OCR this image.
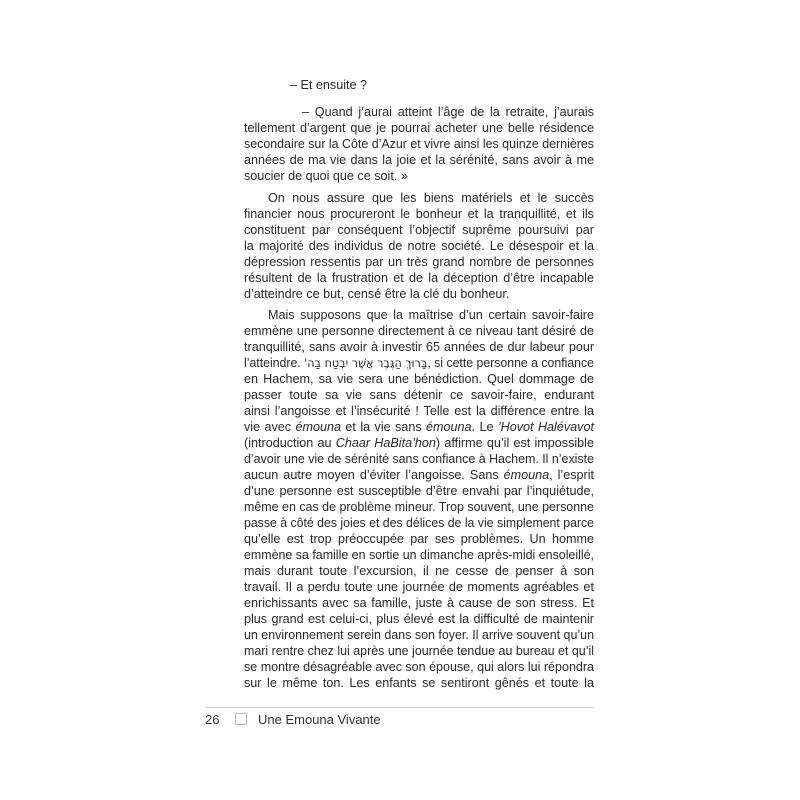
– Et ensuite ?
– Quand j’aurai atteint l’âge de la retraite, j’aurais
tellement d’argent que je pourrai acheter une belle résidence
secondaire sur la Côte d’Azur et vivre ainsi les quinze dernières
années de ma vie dans la joie et la sérénité, sans avoir à me
soucier de quoi que ce soit. »
On nous assure que les biens matériels et le succès
financier nous procureront le bonheur et la tranquillité, et ils
constituent par conséquent l’objectif suprême poursuivi par
la majorité des individus de notre société. Le désespoir et la
dépression ressentis par un très grand nombre de personnes
résultent de la frustration et de la déception d’être incapable
d’atteindre ce but, censé être la clé du bonheur.
Mais supposons que la maîtrise d’un certain savoir-faire
emmène une personne directement à ce niveau tant désiré de
tranquillité, sans avoir à investir 65 années de dur labeur pour
l’atteindre. בָּרוּךְ הַגֶּבֶר אֲשֶׁר יִבְטַח בַּה', si cette personne a confiance
en Hachem, sa vie sera une bénédiction. Quel dommage de
passer toute sa vie sans détenir ce savoir-faire, endurant
ainsi l’angoisse et l’insécurité ! Telle est la différence entre la
vie avec émouna et la vie sans émouna. Le ’Hovot Halévavot
(introduction au Chaar HaBita’hon) affirme qu’il est impossible
d’avoir une vie de sérénité sans confiance à Hachem. Il n’existe
aucun autre moyen d’éviter l’angoisse. Sans émouna, l’esprit
d’une personne est susceptible d’être envahi par l’inquiétude,
même en cas de problème mineur. Trop souvent, une personne
passe à côté des joies et des délices de la vie simplement parce
qu’elle est trop préoccupée par ses problèmes. Un homme
emmène sa famille en sortie un dimanche après-midi ensoleillé,
mais durant toute l’excursion, il ne cesse de penser à son
travail. Il a perdu toute une journée de moments agréables et
enrichissants avec sa famille, juste à cause de son stress. Et
plus grand est celui-ci, plus élevé est la difficulté de maintenir
un environnement serein dans son foyer. Il arrive souvent qu’un
mari rentre chez lui après une journée tendue au bureau et qu’il
se montre désagréable avec son épouse, qui alors lui répondra
sur le même ton. Les enfants se sentiront gênés et toute la
26	Une Emouna Vivante
